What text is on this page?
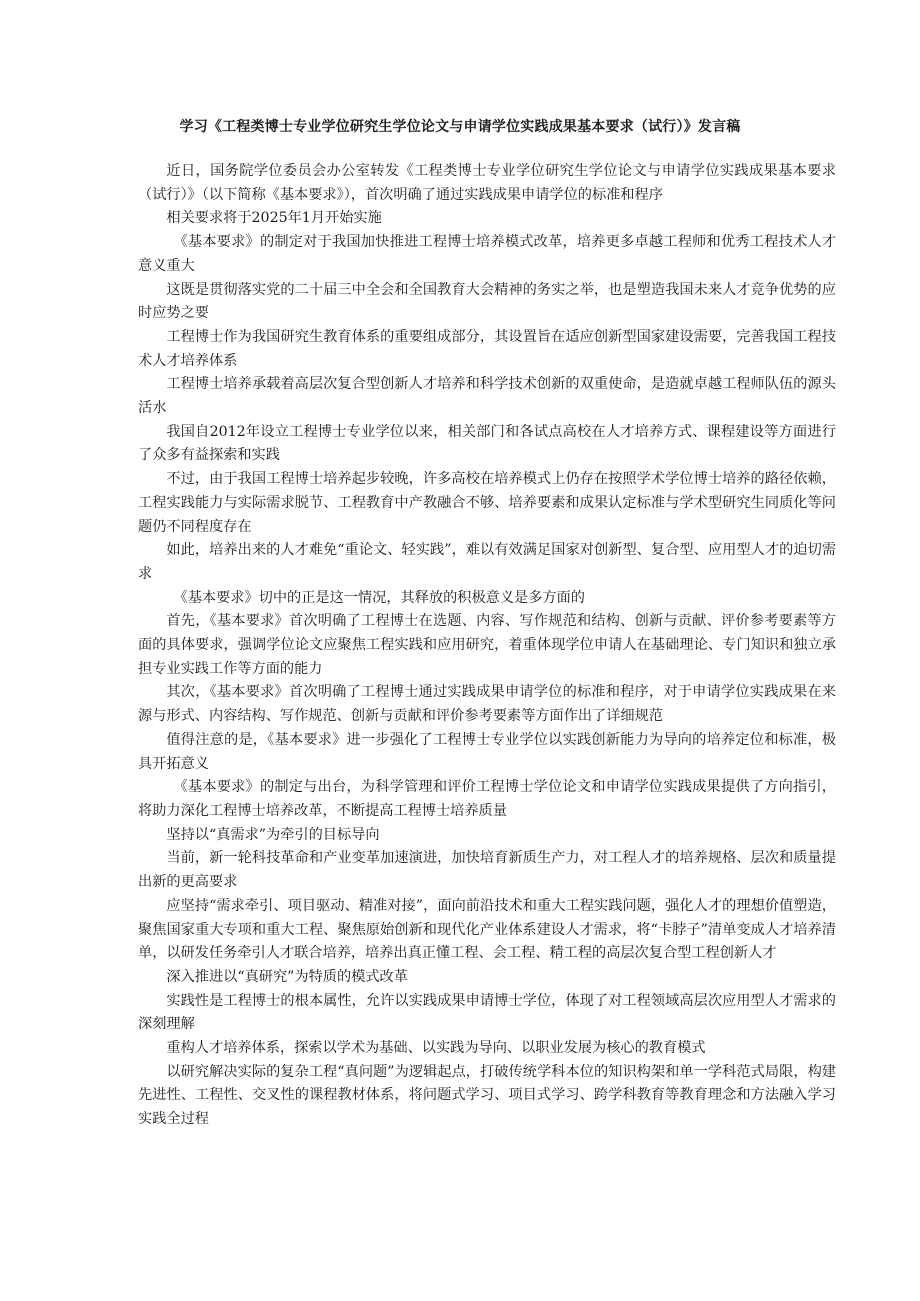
学习《工程类博士专业学位研究生学位论文与申请学位实践成果基本要求（试行）》发言稿

近日，国务院学位委员会办公室转发《工程类博士专业学位研究生学位论文与申请学位实践成果基本要求（试行）》（以下简称《基本要求》），首次明确了通过实践成果申请学位的标准和程序

相关要求将于2025年1月开始实施

《基本要求》的制定对于我国加快推进工程博士培养模式改革，培养更多卓越工程师和优秀工程技术人才意义重大

这既是贯彻落实党的二十届三中全会和全国教育大会精神的务实之举，也是塑造我国未来人才竞争优势的应时应势之要

工程博士作为我国研究生教育体系的重要组成部分，其设置旨在适应创新型国家建设需要，完善我国工程技术人才培养体系

工程博士培养承载着高层次复合型创新人才培养和科学技术创新的双重使命，是造就卓越工程师队伍的源头活水

我国自2012年设立工程博士专业学位以来，相关部门和各试点高校在人才培养方式、课程建设等方面进行了众多有益探索和实践

不过，由于我国工程博士培养起步较晚，许多高校在培养模式上仍存在按照学术学位博士培养的路径依赖，工程实践能力与实际需求脱节、工程教育中产教融合不够、培养要素和成果认定标准与学术型研究生同质化等问题仍不同程度存在

如此，培养出来的人才难免“重论文、轻实践”，难以有效满足国家对创新型、复合型、应用型人才的迫切需求

《基本要求》切中的正是这一情况，其释放的积极意义是多方面的

首先，《基本要求》首次明确了工程博士在选题、内容、写作规范和结构、创新与贡献、评价参考要素等方面的具体要求，强调学位论文应聚焦工程实践和应用研究，着重体现学位申请人在基础理论、专门知识和独立承担专业实践工作等方面的能力

其次，《基本要求》首次明确了工程博士通过实践成果申请学位的标准和程序，对于申请学位实践成果在来源与形式、内容结构、写作规范、创新与贡献和评价参考要素等方面作出了详细规范

值得注意的是，《基本要求》进一步强化了工程博士专业学位以实践创新能力为导向的培养定位和标准，极具开拓意义

《基本要求》的制定与出台，为科学管理和评价工程博士学位论文和申请学位实践成果提供了方向指引，将助力深化工程博士培养改革，不断提高工程博士培养质量

坚持以“真需求”为牵引的目标导向

当前，新一轮科技革命和产业变革加速演进，加快培育新质生产力，对工程人才的培养规格、层次和质量提出新的更高要求

应坚持“需求牵引、项目驱动、精准对接”，面向前沿技术和重大工程实践问题，强化人才的理想价值塑造，聚焦国家重大专项和重大工程、聚焦原始创新和现代化产业体系建设人才需求，将“卡脖子”清单变成人才培养清单，以研发任务牵引人才联合培养，培养出真正懂工程、会工程、精工程的高层次复合型工程创新人才

深入推进以“真研究”为特质的模式改革

实践性是工程博士的根本属性，允许以实践成果申请博士学位，体现了对工程领域高层次应用型人才需求的深刻理解

重构人才培养体系，探索以学术为基础、以实践为导向、以职业发展为核心的教育模式

以研究解决实际的复杂工程“真问题”为逻辑起点，打破传统学科本位的知识构架和单一学科范式局限，构建先进性、工程性、交叉性的课程教材体系，将问题式学习、项目式学习、跨学科教育等教育理念和方法融入学习实践全过程
